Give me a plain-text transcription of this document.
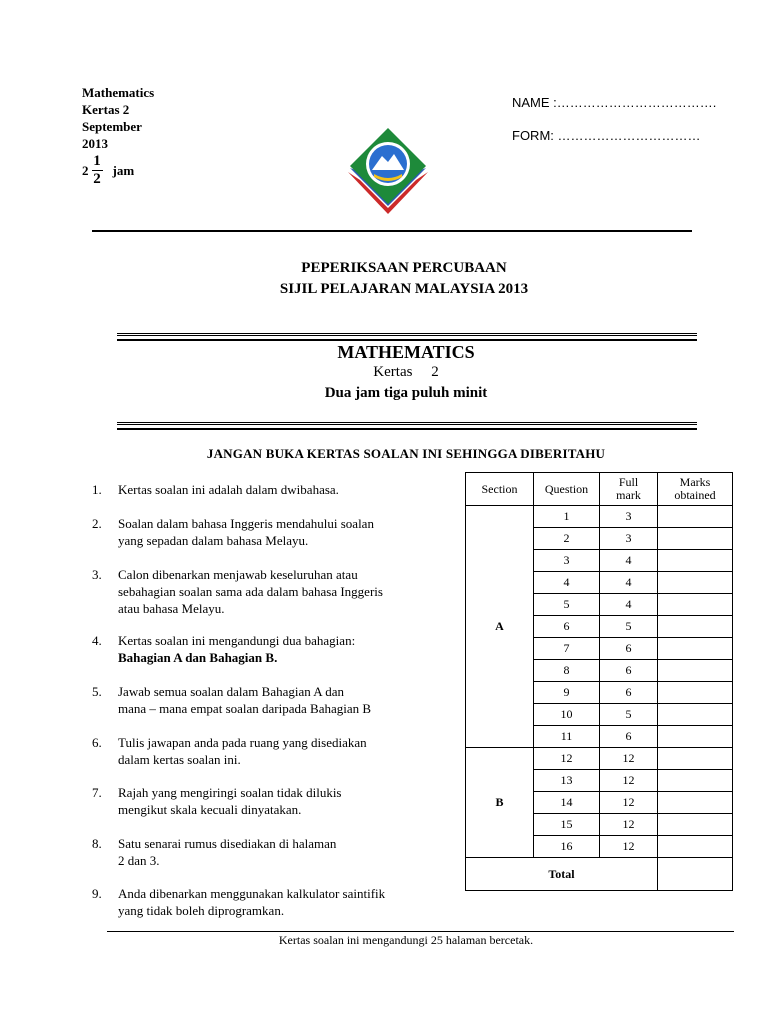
Mathematics
Kertas 2
September
2013
$2 \frac{1}{2}$ jam
NAME :……………………………….
FORM: ……………………………
PEPERIKSAAN PERCUBAAN
SIJIL PELAJARAN MALAYSIA 2013
MATHEMATICS
Kertas     2
Dua jam tiga puluh minit
JANGAN BUKA KERTAS SOALAN INI SEHINGGA DIBERITAHU
1.	Kertas soalan ini adalah dalam dwibahasa.
2.	Soalan dalam bahasa Inggeris mendahului soalan
yang sepadan dalam bahasa Melayu.
3.	Calon dibenarkan menjawab keseluruhan atau
sebahagian soalan sama ada dalam bahasa Inggeris
atau bahasa Melayu.
4.	Kertas soalan ini mengandungi dua bahagian:
Bahagian A dan Bahagian B.
5.	Jawab semua soalan dalam Bahagian A dan
mana – mana empat soalan daripada Bahagian B
6.	Tulis jawapan anda pada ruang yang disediakan
dalam kertas soalan ini.
7.	Rajah yang mengiringi soalan tidak dilukis
mengikut skala kecuali dinyatakan.
8.	Satu senarai rumus disediakan di halaman
2 dan 3.
9.	Anda dibenarkan menggunakan kalkulator saintifik
yang tidak boleh diprogramkan.
Section	Question	Full mark	Marks obtained
A	1	3	
	2	3	
	3	4	
	4	4	
	5	4	
	6	5	
	7	6	
	8	6	
	9	6	
	10	5	
	11	6	
B	12	12	
	13	12	
	14	12	
	15	12	
	16	12	
Total			
Kertas soalan ini mengandungi 25 halaman bercetak.
